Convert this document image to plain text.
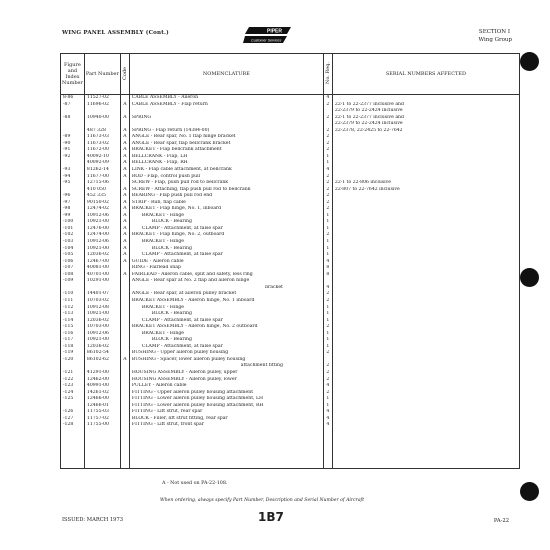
WING PANEL ASSEMBLY (Cont.)	PIPER
Customer Services
SECTION I
Wing Group
Figure and Index Number	Part Number	Code	NOMENCLATURE	No. Req.	SERIAL NUMBERS AFFECTED
8-86	11527-02		CABLE ASSEMBLY - Aileron	4	
-87	11696-02	A	CABLE ASSEMBLY - Flap return	2	22-1 to 22-2377 inclusive and
					22-2379 to 22-2424 inclusive
-88	10940-00	A	SPRING	2	22-1 to 22-2377 inclusive and
					22-2379 to 22-2424 inclusive
	487 328	A	SPRING - Flap return (14384-00)	2	22-2378, 22-2425 to 22-7642
-89	11673-03	A	ANGLE - Rear spar, No. 1 flap hinge bracket	2	
-90	11673-02	A	ANGLE - Rear spar, flap bellcrank bracket	2	
-91	11672-00	A	BRACKET - Flap bellcrank attachment	2	
-92	40092-10	A	BELLCRANK - Flap, LH	1	
	40092-09	A	BELLCRANK - Flap, RH	1	
-93	81262-14	A	LINK - Flap cable attachment, at bellcrank	4	
-94	11677-00	A	ROD - Flap, control push pull	2	
-95	12715-06		SCREW - Flap, push pull rod to bellcrank	2	22-1 to 22-806 inclusive
	410 050	A	SCREW - Attaching, flap push pull rod to bellcrank	2	22-807 to 22-7642 inclusive
-96	452 335	A	BEARING - Flap push pull rod end	2	
-97	90150-02	A	STRIP - Rub, flap cable	2	
-98	12474-02	A	BRACKET - Flap hinge, No. 1, inboard	2	
-99	10912-06	A	BRACKET - Hinge	1	
-100	10921-00	A	BLOCK - Bearing	1	
-101	12476-00	A	CLAMP - Attachment, at false spar	1	
-102	12474-00	A	BRACKET - Flap hinge, No. 2, outboard	2	
-103	10912-06	A	BRACKET - Hinge	1	
-104	10921-00	A	BLOCK - Bearing	1	
-105	12036-02	A	CLAMP - Attachment, at false spar	1	
-106	12467-00	A	GUIDE - Aileron cable	4	
-107	40081-00		RING - Fairlead snap	8	
-108	40701-00	A	FAIRLEAD - Aileron cable, split and safety, less ring	8	
-109	10291-00		ANGLE - Rear spar at No. 2 flap and aileron hinge		
			bracket	4	
-110	14401-07		ANGLE - Rear spar, at aileron pulley bracket	2	
-111	10703-02		BRACKET ASSEMBLY - Aileron hinge, No. 1 inboard	2	
-112	10912-08		BRACKET - Hinge	1	
-113	10921-00		BLOCK - Bearing	1	
-114	12036-02		CLAMP - Attachment, at false spar	1	
-115	10703-00		BRACKET ASSEMBLY - Aileron hinge, No. 2 outboard	2	
-116	10912-06		BRACKET - Hinge	1	
-117	10921-00		BLOCK - Bearing	1	
-118	12036-02		CLAMP - Attachment, at false spar	1	
-119	86102-54		BUSHING - Upper aileron pulley housing	2	
-120	86102-62	A	BUSHING - Spacer, lower aileron pulley housing		
			attachment fitting	2	
-121	41291-00		HOUSING ASSEMBLY - Aileron pulley, upper	2	
-122	12462-00		HOUSING ASSEMBLY - Aileron pulley, lower	2	
-123	40991-00		PULLEY - Aileron cable	4	
-124	14261-02		FITTING - Upper aileron pulley housing attachment	2	
-125	12466-00		FITTING - Lower aileron pulley housing attachment, LH	1	
	12466-01		FITTING - Lower aileron pulley housing attachment, RH	1	
-126	11755-03		FITTING - Lift strut, rear spar	4	
-127	11757-02		BLOCK - Filler, lift strut fitting, rear spar	4	
-128	11755-00		FITTING - Lift strut, front spar	4	

A - Not used on PA-22-108.
When ordering, always specify Part Number, Description and Serial Number of Aircraft
ISSUED: MARCH 1973	1B7	PA-22
